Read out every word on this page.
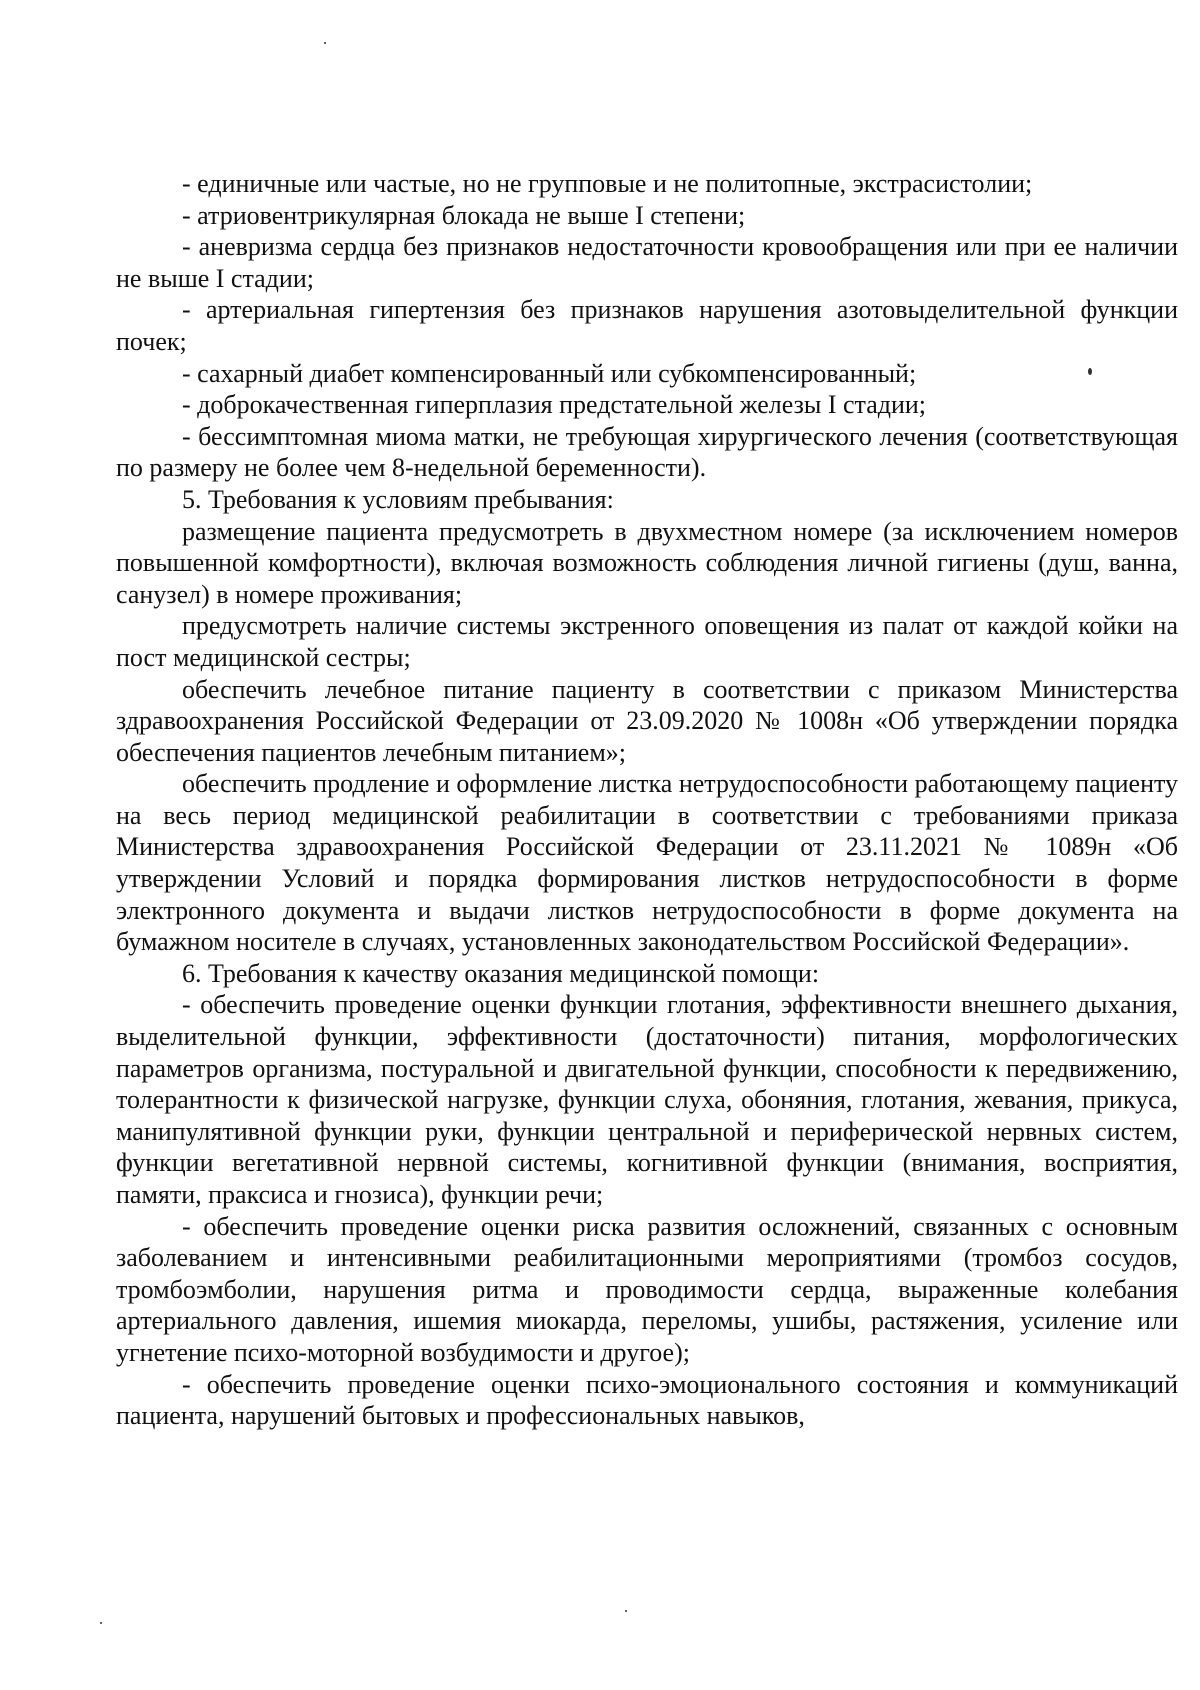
- единичные или частые, но не групповые и не политопные, экстрасистолии;

- атриовентрикулярная блокада не выше I степени;

- аневризма сердца без признаков недостаточности кровообращения или при ее наличии не выше I стадии;

- артериальная гипертензия без признаков нарушения азотовыделительной функции почек;

- сахарный диабет компенсированный или субкомпенсированный;

- доброкачественная гиперплазия предстательной железы I стадии;

- бессимптомная миома матки, не требующая хирургического лечения (соответствующая по размеру не более чем 8-недельной беременности).

5. Требования к условиям пребывания:

размещение пациента предусмотреть в двухместном номере (за исключением номеров повышенной комфортности), включая возможность соблюдения личной гигиены (душ, ванна, санузел) в номере проживания;

предусмотреть наличие системы экстренного оповещения из палат от каждой койки на пост медицинской сестры;

обеспечить лечебное питание пациенту в соответствии с приказом Министерства здравоохранения Российской Федерации от 23.09.2020 № 1008н «Об утверждении порядка обеспечения пациентов лечебным питанием»;

обеспечить продление и оформление листка нетрудоспособности работающему пациенту на весь период медицинской реабилитации в соответствии с требованиями приказа Министерства здравоохранения Российской Федерации от 23.11.2021 № 1089н «Об утверждении Условий и порядка формирования листков нетрудоспособности в форме электронного документа и выдачи листков нетрудоспособности в форме документа на бумажном носителе в случаях, установленных законодательством Российской Федерации».

6. Требования к качеству оказания медицинской помощи:

- обеспечить проведение оценки функции глотания, эффективности внешнего дыхания, выделительной функции, эффективности (достаточности) питания, морфологических параметров организма, постуральной и двигательной функции, способности к передвижению, толерантности к физической нагрузке, функции слуха, обоняния, глотания, жевания, прикуса, манипулятивной функции руки, функции центральной и периферической нервных систем, функции вегетативной нервной системы, когнитивной функции (внимания, восприятия, памяти, праксиса и гнозиса), функции речи;

- обеспечить проведение оценки риска развития осложнений, связанных с основным заболеванием и интенсивными реабилитационными мероприятиями (тромбоз сосудов, тромбоэмболии, нарушения ритма и проводимости сердца, выраженные колебания артериального давления, ишемия миокарда, переломы, ушибы, растяжения, усиление или угнетение психо-моторной возбудимости и другое);

- обеспечить проведение оценки психо-эмоционального состояния и коммуникаций пациента, нарушений бытовых и профессиональных навыков,
